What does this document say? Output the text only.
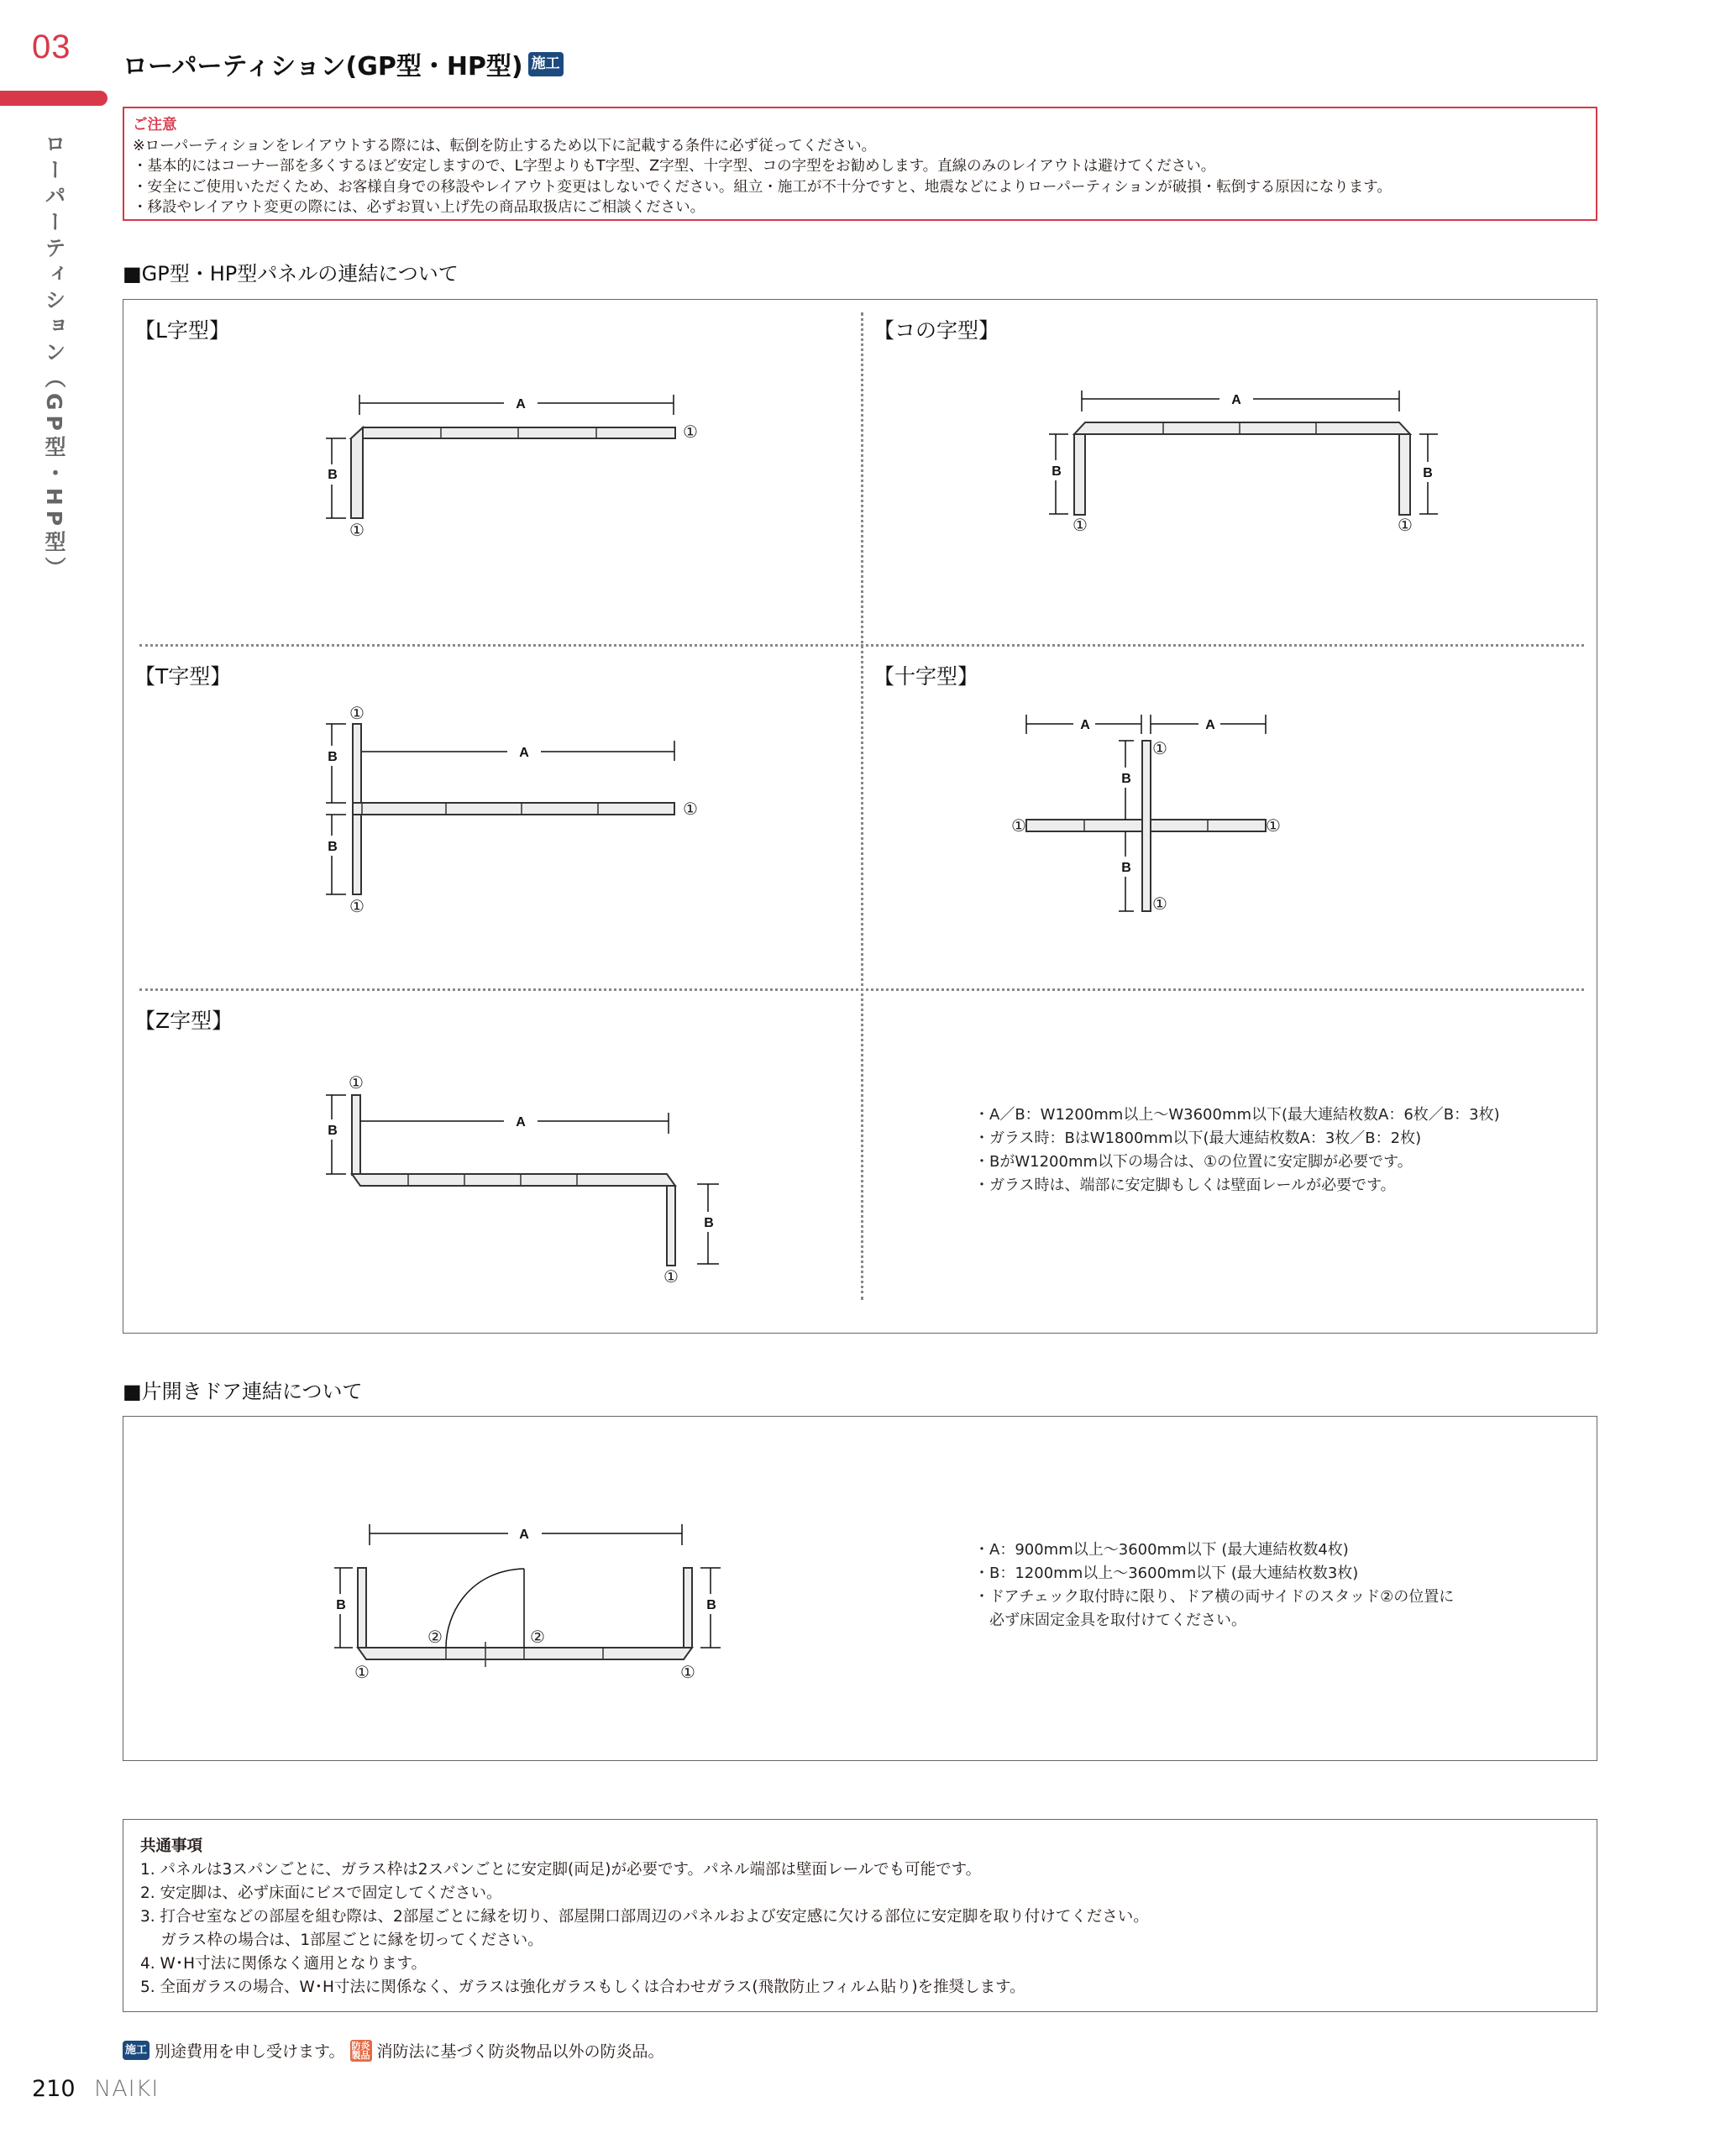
03
ローパーティション（GP型・HP型）
ローパーティション(GP型・HP型) 施工
ご注意
※ローパーティションをレイアウトする際には、転倒を防止するため以下に記載する条件に必ず従ってください。
・基本的にはコーナー部を多くするほど安定しますので、L字型よりもT字型、Z字型、十字型、コの字型をお勧めします。直線のみのレイアウトは避けてください。
・安全にご使用いただくため、お客様自身での移設やレイアウト変更はしないでください。組立・施工が不十分ですと、地震などによりローパーティションが破損・転倒する原因になります。
・移設やレイアウト変更の際には、必ずお買い上げ先の商品取扱店にご相談ください。
■GP型・HP型パネルの連結について
【L字型】	【コの字型】
【T字型】	【十字型】
【Z字型】
A
B
①
①
A
B	B
①	①
A
B
B
①
①
①
A	A
B
B
①	①
①
①
A
B
B
①
①
A
B	B
②	②
①	①
・A／B：W1200mm以上〜W3600mm以下(最大連結枚数A：6枚／B：3枚)
・ガラス時：BはW1800mm以下(最大連結枚数A：3枚／B：2枚)
・BがW1200mm以下の場合は、①の位置に安定脚が必要です。
・ガラス時は、端部に安定脚もしくは壁面レールが必要です。
■片開きドア連結について
・A：900mm以上〜3600mm以下 (最大連結枚数4枚)
・B：1200mm以上〜3600mm以下 (最大連結枚数3枚)
・ドアチェック取付時に限り、ドア横の両サイドのスタッド②の位置に
　必ず床固定金具を取付けてください。
共通事項
1. パネルは3スパンごとに、ガラス枠は2スパンごとに安定脚(両足)が必要です。パネル端部は壁面レールでも可能です。
2. 安定脚は、必ず床面にビスで固定してください。
3. 打合せ室などの部屋を組む際は、2部屋ごとに縁を切り、部屋開口部周辺のパネルおよび安定感に欠ける部位に安定脚を取り付けてください。
　 ガラス枠の場合は、1部屋ごとに縁を切ってください。
4. W･H寸法に関係なく適用となります。
5. 全面ガラスの場合、W･H寸法に関係なく、ガラスは強化ガラスもしくは合わせガラス(飛散防止フィルム貼り)を推奨します。
施工 別途費用を申し受けます。 防炎
製品 消防法に基づく防炎物品以外の防炎品。
210 NAIKI
